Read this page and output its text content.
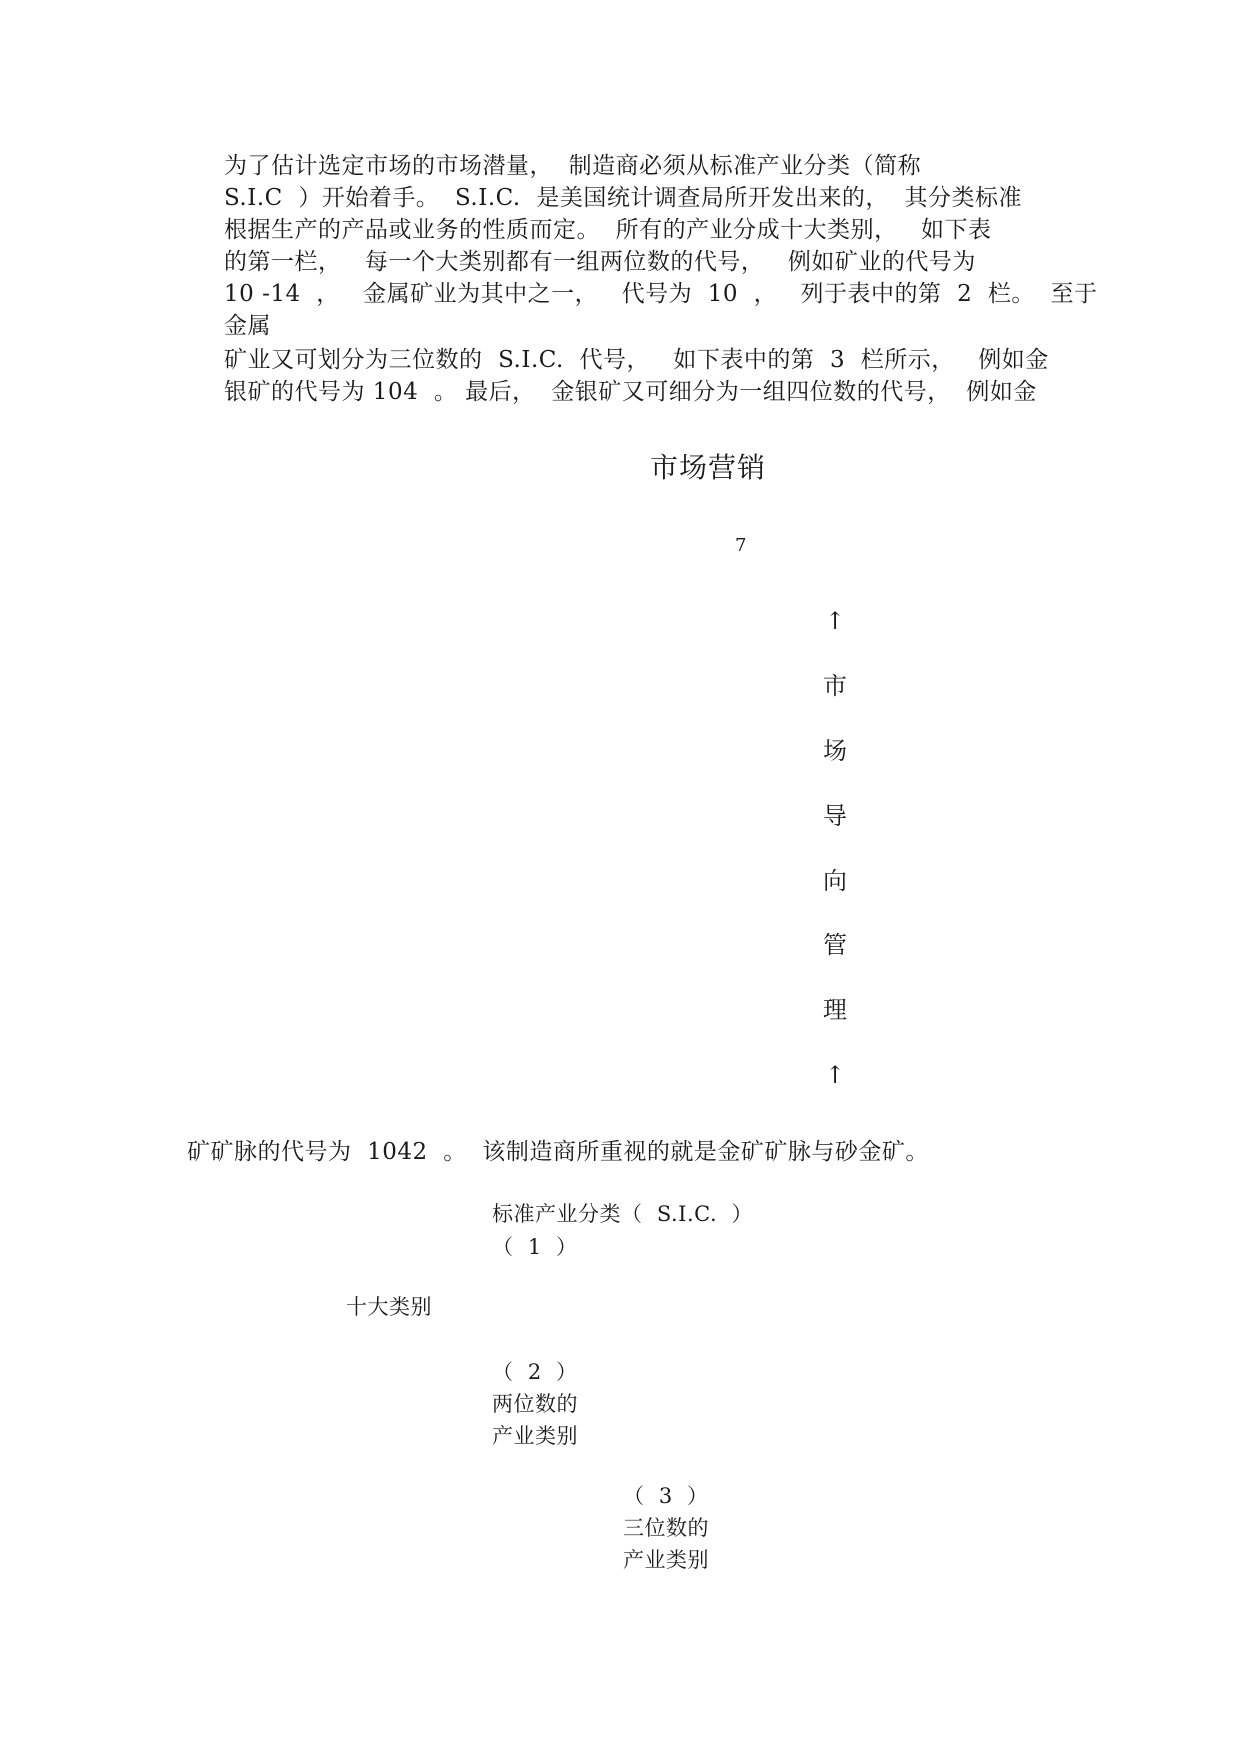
为了估计选定市场的市场潜量，  制造商必须从标准产业分类（简称
S.I.C  ）开始着手。  S.I.C.  是美国统计调查局所开发出来的，  其分类标准
根据生产的产品或业务的性质而定。  所有的产业分成十大类别，   如下表
的第一栏，   每一个大类别都有一组两位数的代号，   例如矿业的代号为
10 -14  ，   金属矿业为其中之一，   代号为  10  ，   列于表中的第  2  栏。  至于
金属
矿业又可划分为三位数的  S.I.C.  代号，   如下表中的第  3  栏所示，   例如金
银矿的代号为 104  。 最后，  金银矿又可细分为一组四位数的代号，  例如金
市场营销
7
↑
市
场
导
向
管
理
↑
矿矿脉的代号为  1042  。  该制造商所重视的就是金矿矿脉与砂金矿。
标准产业分类（  S.I.C.  ）
（  1  ）
十大类别
（  2  ）
两位数的
产业类别
（  3  ）
三位数的
产业类别
